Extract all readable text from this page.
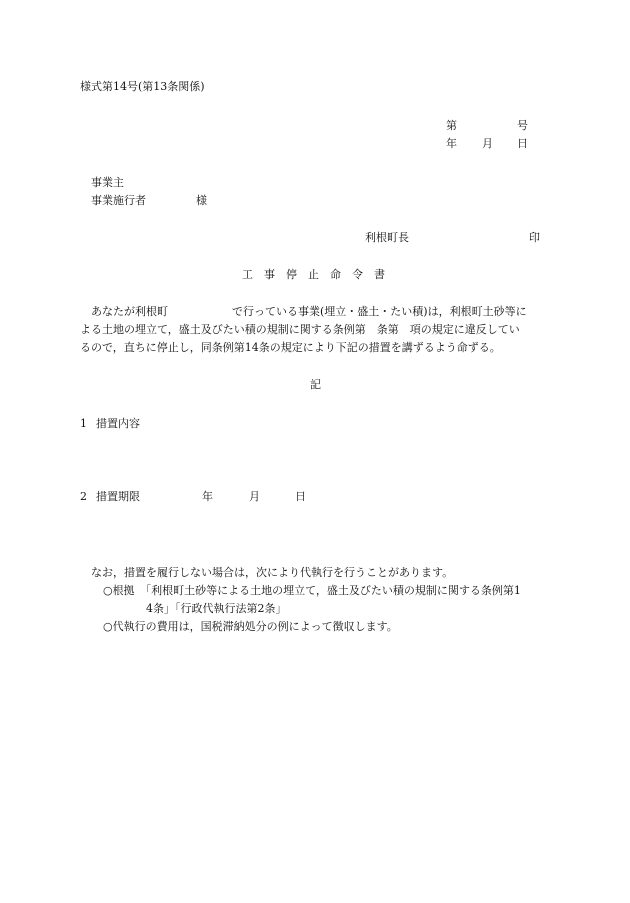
様式第14号(第13条関係)
第	号
年 月 日
事業主
事業施行者	様
利根町長	印
工 事 停 止 命 令 書
あなたが利根町	で行っている事業(埋立・盛土・たい積)は，利根町土砂等に
よる土地の埋立て，盛土及びたい積の規制に関する条例第　条第　項の規定に違反してい
るので，直ちに停止し，同条例第14条の規定により下記の措置を講ずるよう命ずる。
記
1 措置内容
2 措置期限	年	月	日
なお，措置を履行しない場合は，次により代執行を行うことがあります。
○根拠　「利根町土砂等による土地の埋立て，盛土及びたい積の規制に関する条例第1
4条」「行政代執行法第2条」
○代執行の費用は，国税滞納処分の例によって徴収します。
